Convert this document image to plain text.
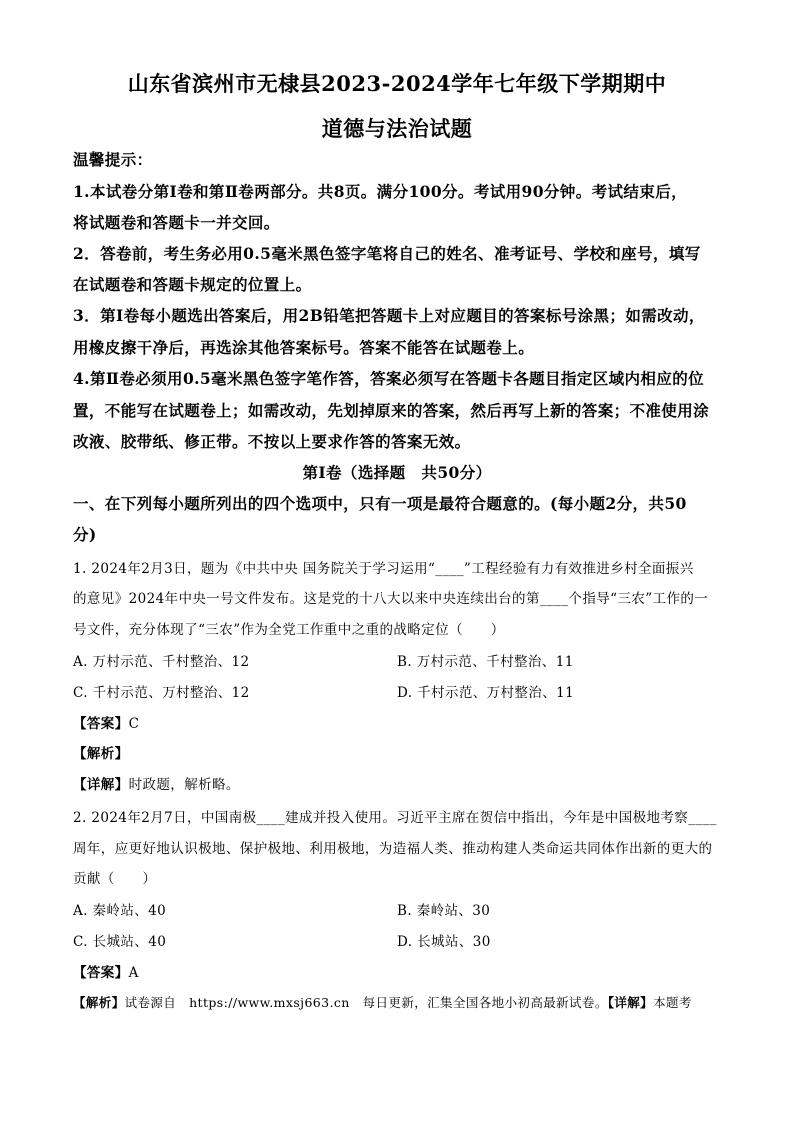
山东省滨州市无棣县2023-2024学年七年级下学期期中
道德与法治试题
温馨提示：
1.本试卷分第Ⅰ卷和第Ⅱ卷两部分。共8页。满分100分。考试用90分钟。考试结束后，
将试题卷和答题卡一并交回。
2．答卷前，考生务必用0.5毫米黑色签字笔将自己的姓名、准考证号、学校和座号，填写
在试题卷和答题卡规定的位置上。
3．第Ⅰ卷每小题选出答案后，用2B铅笔把答题卡上对应题目的答案标号涂黑；如需改动，
用橡皮擦干净后，再选涂其他答案标号。答案不能答在试题卷上。
4.第Ⅱ卷必须用0.5毫米黑色签字笔作答，答案必须写在答题卡各题目指定区域内相应的位
置，不能写在试题卷上；如需改动，先划掉原来的答案，然后再写上新的答案；不准使用涂
改液、胶带纸、修正带。不按以上要求作答的答案无效。
第Ⅰ卷（选择题　共50分）
一、在下列每小题所列出的四个选项中，只有一项是最符合题意的。(每小题2分，共50
分)
1. 2024年2月3日，题为《中共中央 国务院关于学习运用“____”工程经验有力有效推进乡村全面振兴
的意见》2024年中央一号文件发布。这是党的十八大以来中央连续出台的第____个指导“三农”工作的一
号文件，充分体现了“三农”作为全党工作重中之重的战略定位（　　）
A. 万村示范、千村整治、12	B. 万村示范、千村整治、11
C. 千村示范、万村整治、12	D. 千村示范、万村整治、11
【答案】C
【解析】
【详解】时政题，解析略。
2. 2024年2月7日，中国南极____建成并投入使用。习近平主席在贺信中指出，今年是中国极地考察____
周年，应更好地认识极地、保护极地、利用极地，为造福人类、推动构建人类命运共同体作出新的更大的
贡献（　　）
A. 秦岭站、40	B. 秦岭站、30
C. 长城站、40	D. 长城站、30
【答案】A
【解析】试卷源自　https://www.mxsj663.cn　每日更新，汇集全国各地小初高最新试卷。【详解】本题考
